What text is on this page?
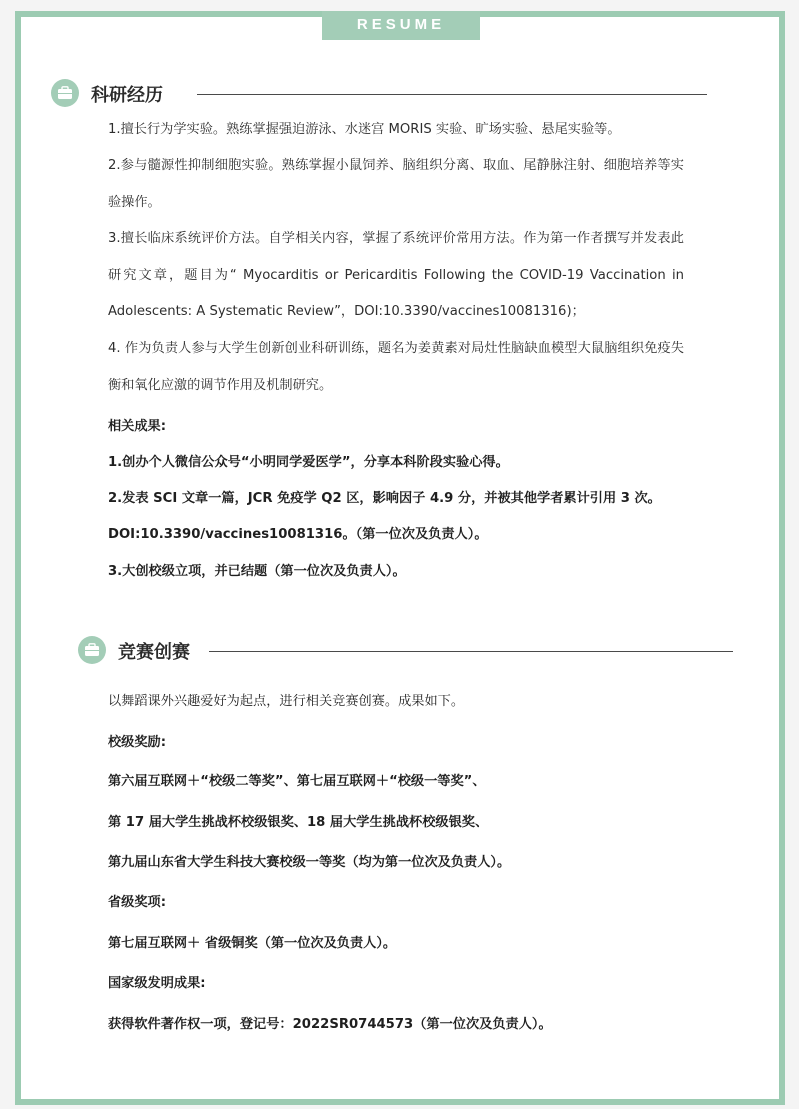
RESUME
科研经历

1.擅长行为学实验。熟练掌握强迫游泳、水迷宫 MORIS 实验、旷场实验、悬尾实验等。

2.参与髓源性抑制细胞实验。熟练掌握小鼠饲养、脑组织分离、取血、尾静脉注射、细胞培养等实验操作。

3.擅长临床系统评价方法。自学相关内容，掌握了系统评价常用方法。作为第一作者撰写并发表此研究文章，题目为“ Myocarditis or Pericarditis Following the COVID-19 Vaccination in Adolescents: A Systematic Review”，DOI:10.3390/vaccines10081316)；

4. 作为负责人参与大学生创新创业科研训练，题名为姜黄素对局灶性脑缺血模型大鼠脑组织免疫失衡和氧化应激的调节作用及机制研究。

相关成果:
1.创办个人微信公众号“小明同学爱医学”，分享本科阶段实验心得。
2.发表 SCI 文章一篇，JCR 免疫学 Q2 区，影响因子 4.9 分，并被其他学者累计引用 3 次。
DOI:10.3390/vaccines10081316。（第一位次及负责人）。
3.大创校级立项，并已结题（第一位次及负责人）。
竞赛创赛
以舞蹈课外兴趣爱好为起点，进行相关竞赛创赛。成果如下。
校级奖励:
第六届互联网＋“校级二等奖”、第七届互联网＋“校级一等奖”、
第 17 届大学生挑战杯校级银奖、18 届大学生挑战杯校级银奖、
第九届山东省大学生科技大赛校级一等奖（均为第一位次及负责人）。
省级奖项:
第七届互联网＋ 省级铜奖（第一位次及负责人）。
国家级发明成果:
获得软件著作权一项，登记号：2022SR0744573（第一位次及负责人）。
